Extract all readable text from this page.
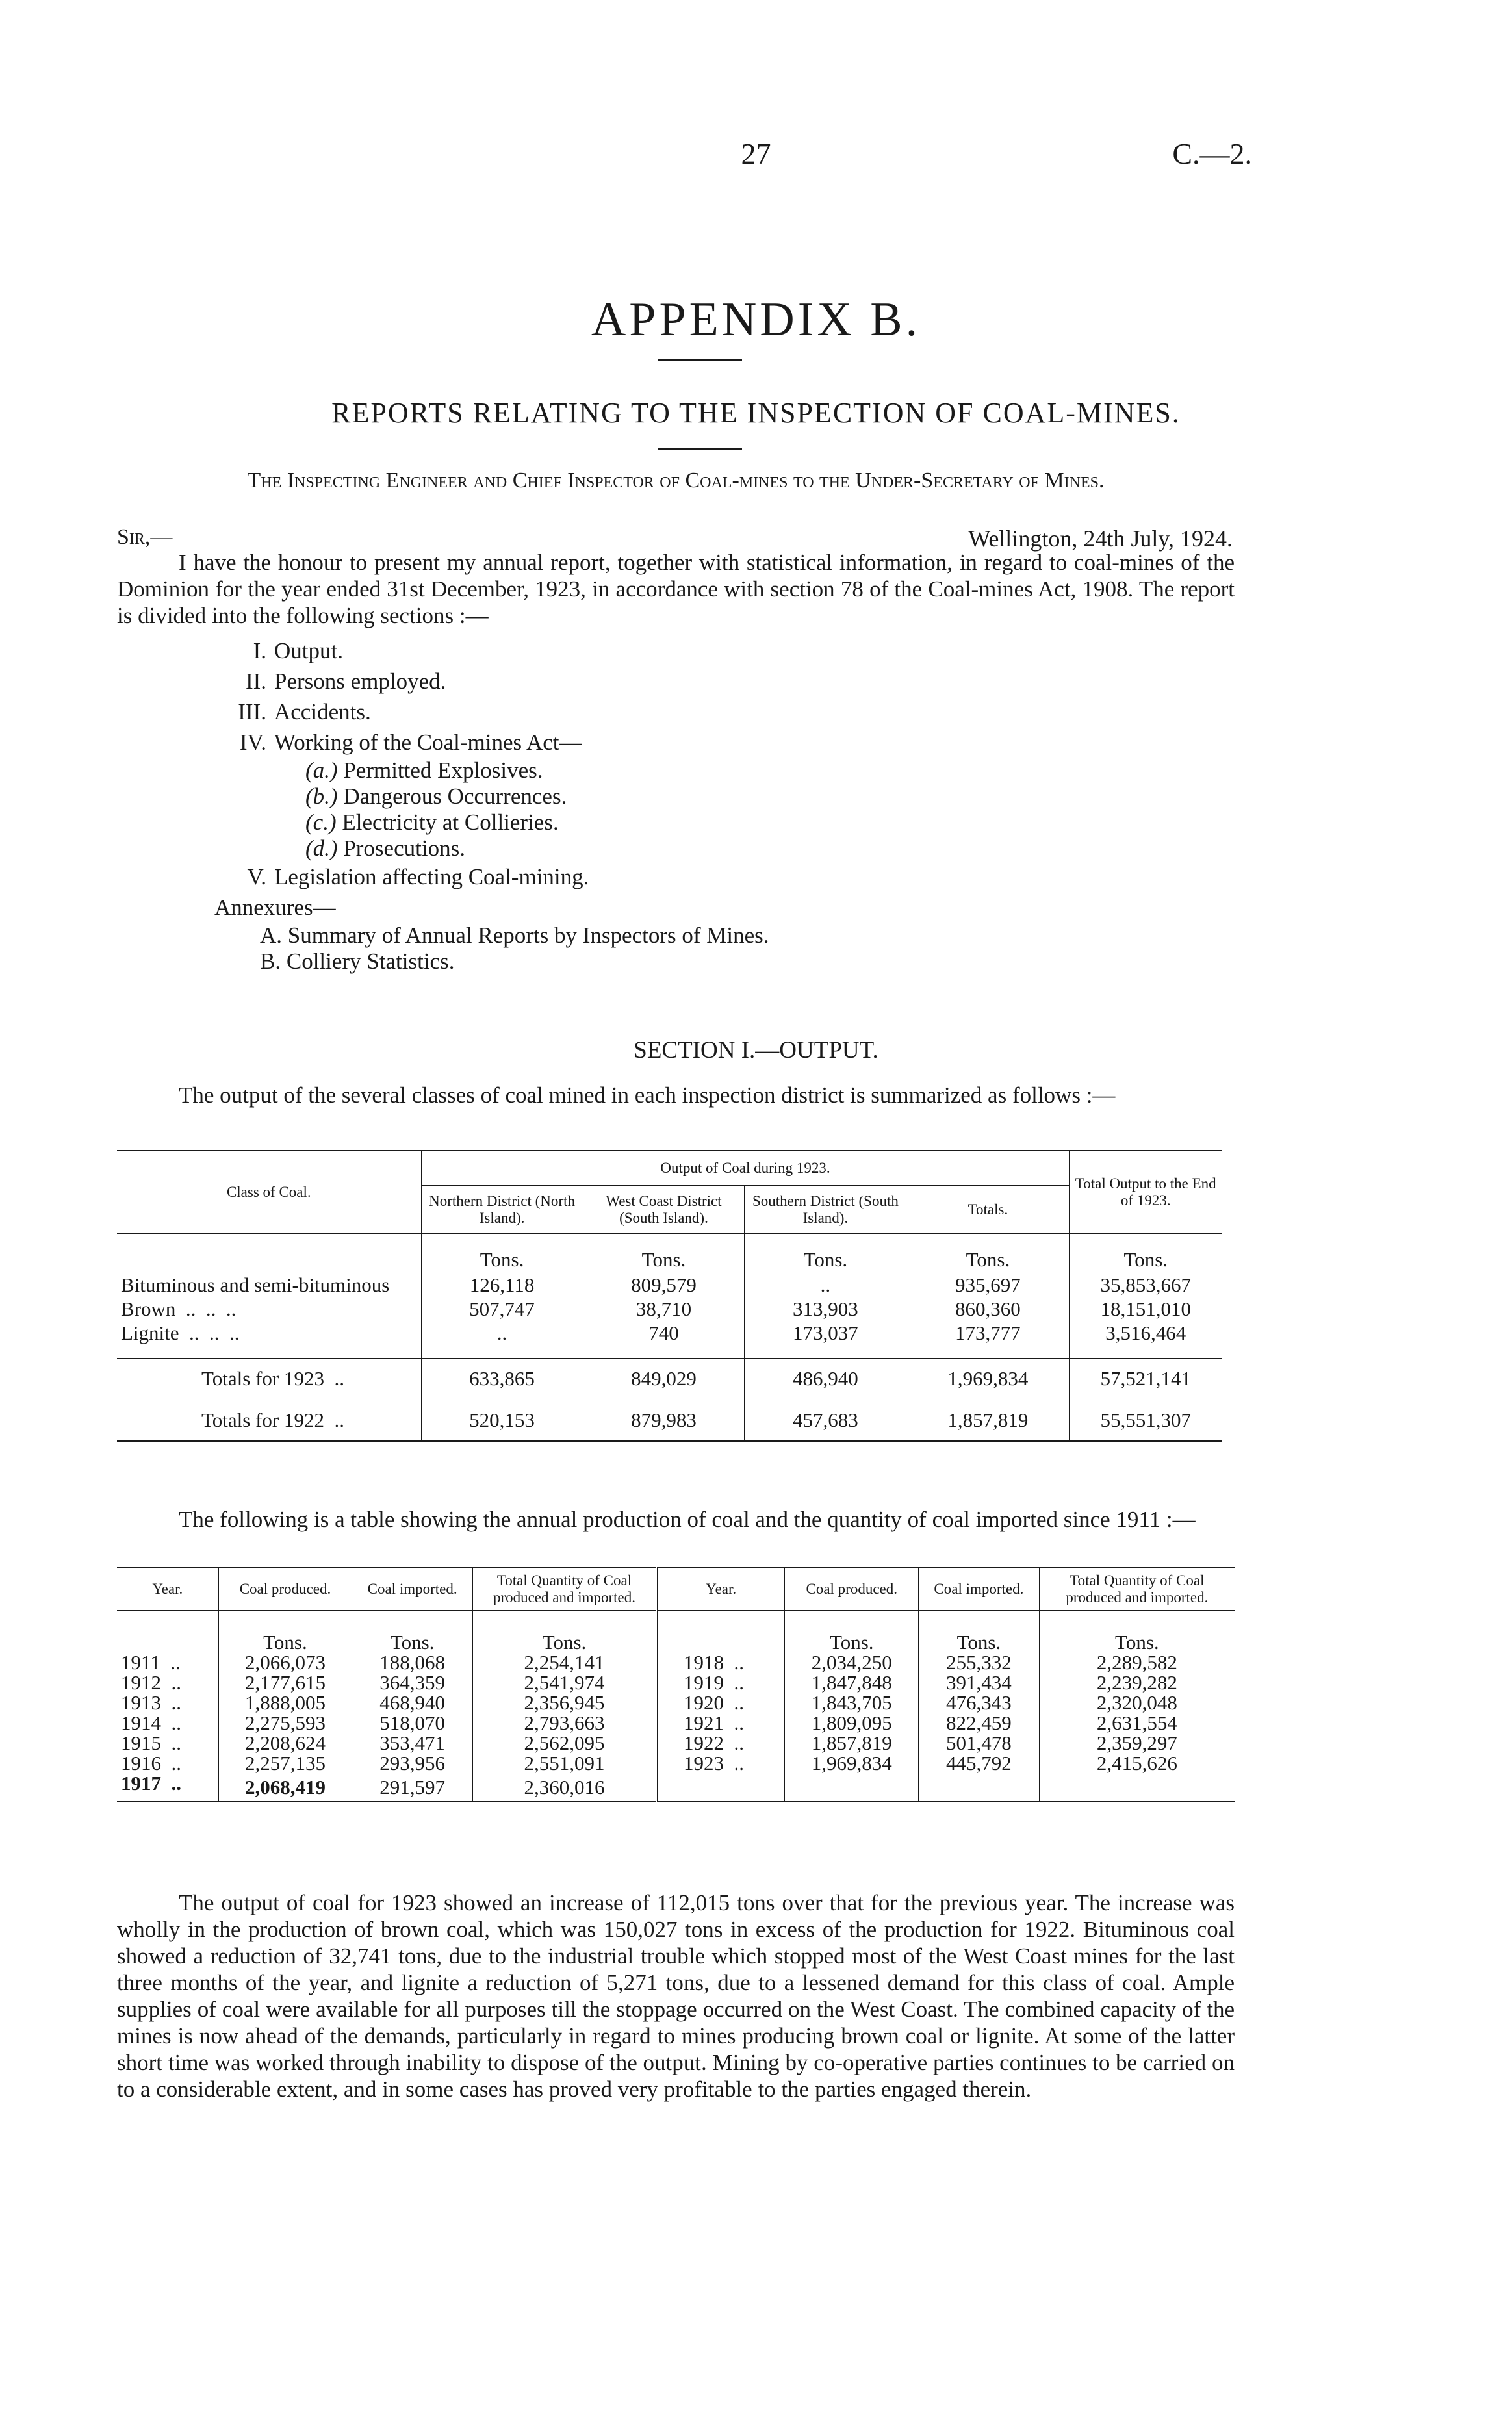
27	C.—2.
APPENDIX B.
REPORTS RELATING TO THE INSPECTION OF COAL-MINES.
The Inspecting Engineer and Chief Inspector of Coal-mines to the Under-Secretary of Mines.
Sir,—	Wellington, 24th July, 1924.

I have the honour to present my annual report, together with statistical information, in regard to coal-mines of the Dominion for the year ended 31st December, 1923, in accordance with section 78 of the Coal-mines Act, 1908. The report is divided into the following sections :—

I. Output.
II. Persons employed.
III. Accidents.
IV. Working of the Coal-mines Act—
(a.) Permitted Explosives.
(b.) Dangerous Occurrences.
(c.) Electricity at Collieries.
(d.) Prosecutions.
V. Legislation affecting Coal-mining.
Annexures—
A. Summary of Annual Reports by Inspectors of Mines.
B. Colliery Statistics.
SECTION I.—OUTPUT.

The output of the several classes of coal mined in each inspection district is summarized as follows :—

Class of Coal.	Output of Coal during 1923.				Total Output to the End of 1923.
	Northern District (North Island).	West Coast District (South Island).	Southern District (South Island).	Totals.	
	Tons.	Tons.	Tons.	Tons.	Tons.
Bituminous and semi-bituminous	126,118	809,579	..	935,697	35,853,667
Brown  ..  ..  ..	507,747	38,710	313,903	860,360	18,151,010
Lignite  ..  ..  ..	..	740	173,037	173,777	3,516,464

Totals for 1923  ..	633,865	849,029	486,940	1,969,834	57,521,141
Totals for 1922  ..	520,153	879,983	457,683	1,857,819	55,551,307

The following is a table showing the annual production of coal and the quantity of coal imported since 1911 :—

Year.	Coal produced.	Coal imported.	Total Quantity of Coal produced and imported.	Year.	Coal produced.	Coal imported.	Total Quantity of Coal produced and imported.
	Tons.	Tons.	Tons.		Tons.	Tons.	Tons.
1911  ..	2,066,073	188,068	2,254,141	1918  ..	2,034,250	255,332	2,289,582
1912  ..	2,177,615	364,359	2,541,974	1919  ..	1,847,848	391,434	2,239,282
1913  ..	1,888,005	468,940	2,356,945	1920  ..	1,843,705	476,343	2,320,048
1914  ..	2,275,593	518,070	2,793,663	1921  ..	1,809,095	822,459	2,631,554
1915  ..	2,208,624	353,471	2,562,095	1922  ..	1,857,819	501,478	2,359,297
1916  ..	2,257,135	293,956	2,551,091	1923  ..	1,969,834	445,792	2,415,626
1917  ..	2,068,419	291,597	2,360,016				

The output of coal for 1923 showed an increase of 112,015 tons over that for the previous year. The increase was wholly in the production of brown coal, which was 150,027 tons in excess of the production for 1922. Bituminous coal showed a reduction of 32,741 tons, due to the industrial trouble which stopped most of the West Coast mines for the last three months of the year, and lignite a reduction of 5,271 tons, due to a lessened demand for this class of coal. Ample supplies of coal were available for all purposes till the stoppage occurred on the West Coast. The combined capacity of the mines is now ahead of the demands, particularly in regard to mines producing brown coal or lignite. At some of the latter short time was worked through inability to dispose of the output. Mining by co-operative parties continues to be carried on to a considerable extent, and in some cases has proved very profitable to the parties engaged therein.
